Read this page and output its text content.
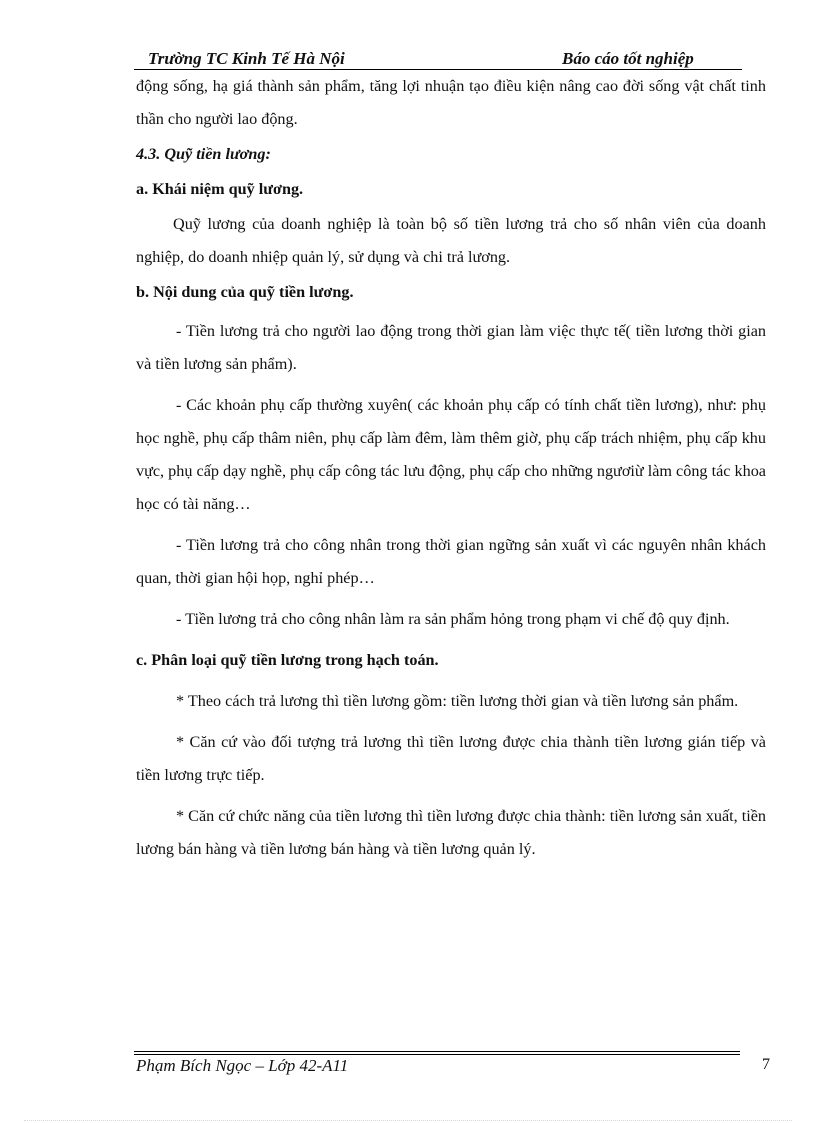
Trường TC Kinh Tế Hà Nội	Báo cáo tốt nghiệp

động sống, hạ giá thành sản phẩm, tăng lợi nhuận tạo điều kiện nâng cao đời sống vật chất tinh thần cho người lao động.

4.3. Quỹ tiền lương:

a. Khái niệm quỹ lương.

Quỹ lương của doanh nghiệp là toàn bộ số tiền lương trả cho số nhân viên của doanh nghiệp, do doanh nhiệp quản lý, sử dụng và chi trả lương.

b. Nội dung của quỹ tiền lương.

- Tiền lương trả cho người lao động trong thời gian làm việc thực tế( tiền lương thời gian và tiền lương sản phẩm).

- Các khoản phụ cấp thường xuyên( các khoản phụ cấp có tính chất tiền lương), như: phụ học nghề, phụ cấp thâm niên, phụ cấp làm đêm, làm thêm giờ, phụ cấp trách nhiệm, phụ cấp khu vực, phụ cấp dạy nghề, phụ cấp công tác lưu động, phụ cấp cho những ngươiừ làm công tác khoa học có tài năng…

- Tiền lương trả cho công nhân trong thời gian ngững sản xuất vì các nguyên nhân khách quan, thời gian hội họp, nghỉ phép…

- Tiền lương trả cho công nhân làm ra sản phẩm hỏng trong phạm vi chế độ quy định.

c. Phân loại quỹ tiền lương trong hạch toán.

* Theo cách trả lương thì tiền lương gồm: tiền lương thời gian và tiền lương sản phẩm.

* Căn cứ vào đối tượng trả lương thì tiền lương được chia thành tiền lương gián tiếp và tiền lương trực tiếp.

* Căn cứ chức năng của tiền lương thì tiền lương được chia thành: tiền lương sản xuất, tiền lương bán hàng và tiền lương bán hàng và tiền lương quản lý.

Phạm Bích Ngọc – Lớp 42-A11	7
